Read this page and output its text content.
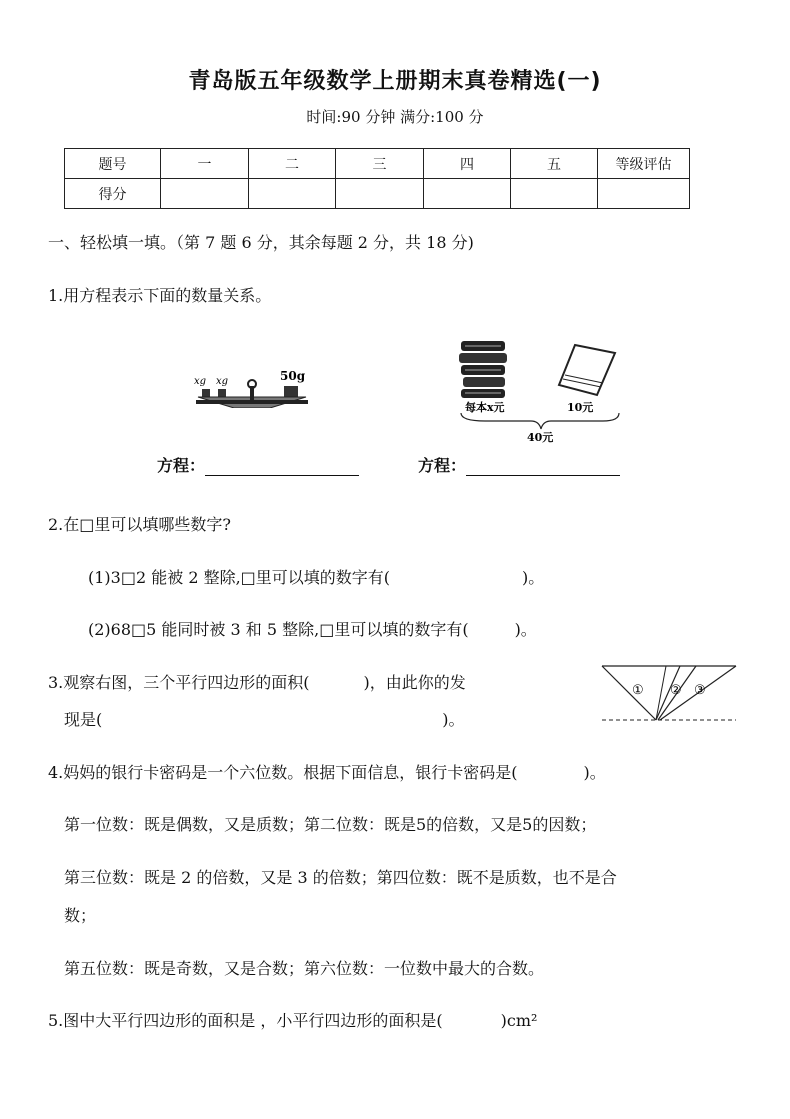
青岛版五年级数学上册期末真卷精选(一)
时间:90 分钟 满分:100 分
题号	一	二	三	四	五	等级评估
得分						
一、轻松填一填。（第 7 题 6 分，其余每题 2 分，共 18 分)
1.用方程表示下面的数量关系。
xg xg	50g
每本x元	10元
40元
方程：	方程：
2.在□里可以填哪些数字?
(1)3□2 能被 2 整除,□里可以填的数字有(	)。
(2)68□5 能同时被 3 和 5 整除,□里可以填的数字有(	)。
3.观察右图，三个平行四边形的面积(	)，由此你的发
现是(	)。
① ② ③
4.妈妈的银行卡密码是一个六位数。根据下面信息，银行卡密码是(	)。
第一位数：既是偶数，又是质数；第二位数：既是5的倍数，又是5的因数；
第三位数：既是 2 的倍数，又是 3 的倍数；第四位数：既不是质数，也不是合
数；
第五位数：既是奇数，又是合数；第六位数：一位数中最大的合数。
5.图中大平行四边形的面积是 ，小平行四边形的面积是(	)cm²
